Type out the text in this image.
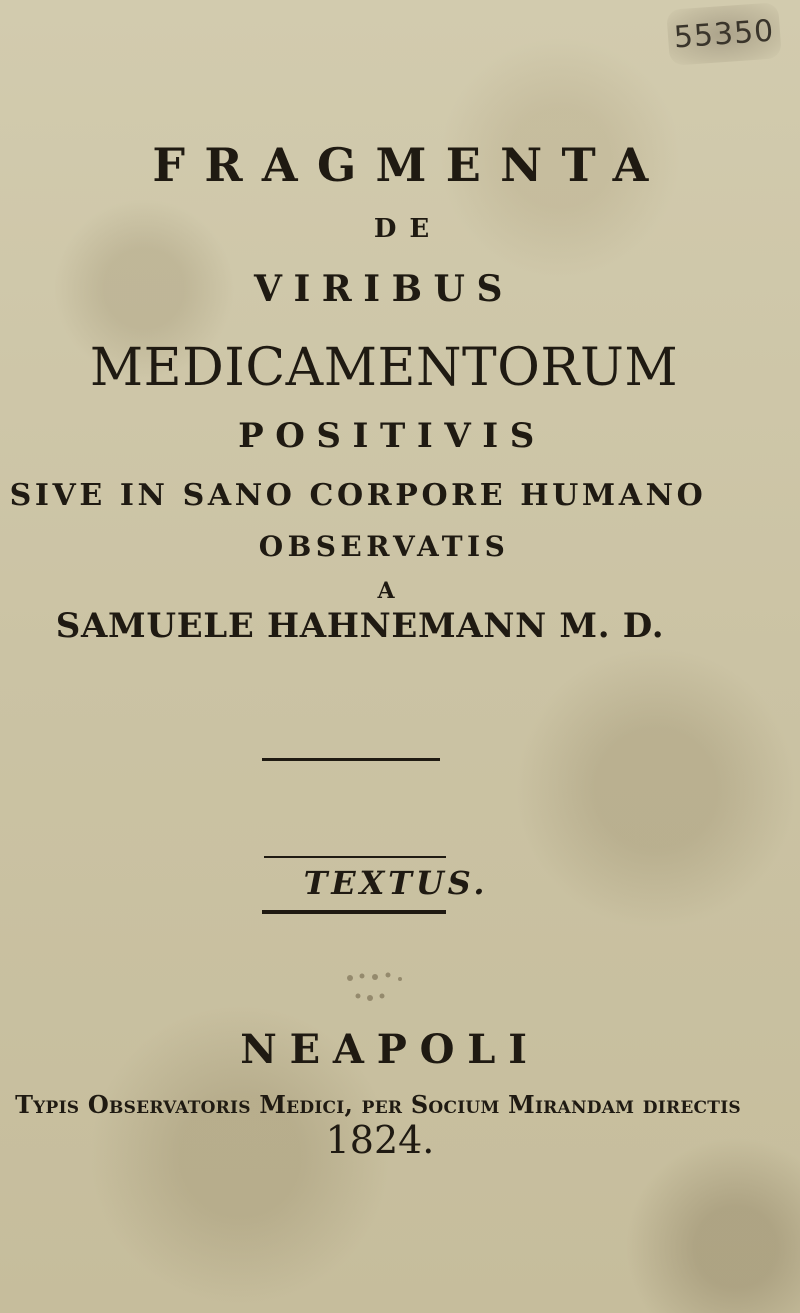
55350
FRAGMENTA
DE
VIRIBUS
MEDICAMENTORUM
POSITIVIS
SIVE IN SANO CORPORE HUMANO
OBSERVATIS
A
SAMUELE HAHNEMANN M. D.
TEXTUS.
NEAPOLI
Typis Observatoris Medici, per Socium Mirandam directis
1824.
